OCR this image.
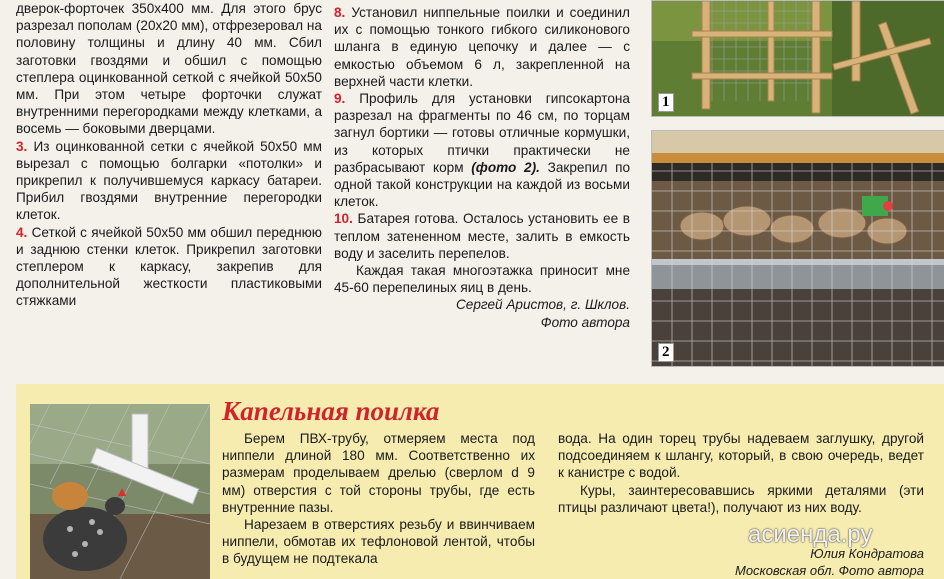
дверок-форточек 350х400 мм. Для этого брус разрезал пополам (20х20 мм), отфрезеровал на половину толщины и длину 40 мм. Сбил заготовки гвоздями и обшил с помощью степлера оцинкованной сеткой с ячейкой 50х50 мм. При этом четыре форточки служат внутренними перегородками между клетками, а восемь — боковыми дверцами.

3. Из оцинкованной сетки с ячейкой 50х50 мм вырезал с помощью болгарки «потолки» и прикрепил к получившемуся каркасу батареи. Прибил гвоздями внутренние перегородки клеток.

4. Сеткой с ячейкой 50х50 мм обшил переднюю и заднюю стенки клеток. Прикрепил заготовки степлером к каркасу, закрепив для дополнительной жесткости пластиковыми стяжками

8. Установил ниппельные поилки и соединил их с помощью тонкого гибкого силиконового шланга в единую цепочку и далее — с емкостью объемом 6 л, закрепленной на верхней части клетки.

9. Профиль для установки гипсокартона разрезал на фрагменты по 46 см, по торцам загнул бортики — готовы отличные кормушки, из которых птички практически не разбрасывают корм (фото 2). Закрепил по одной такой конструкции на каждой из восьми клеток.

10. Батарея готова. Осталось установить ее в теплом затененном месте, залить в емкость воду и заселить перепелов.

Каждая такая многоэтажка приносит мне 45-60 перепелиных яиц в день.

Сергей Аристов, г. Шклов.

Фото автора

1
2
Капельная поилка

Берем ПВХ-трубу, отмеряем места под ниппели длиной 180 мм. Соответственно их размерам проделываем дрелью (сверлом d 9 мм) отверстия с той стороны трубы, где есть внутренние пазы.

Нарезаем в отверстиях резьбу и ввинчиваем ниппели, обмотав их тефлоновой лентой, чтобы в будущем не подтекала

вода. На один торец трубы надеваем заглушку, другой подсоединяем к шлангу, который, в свою очередь, ведет к канистре с водой.

Куры, заинтересовавшись яркими деталями (эти птицы различают цвета!), получают из них воду.

Юлия Кондратова
Московская обл. Фото автора
асиенда.ру
